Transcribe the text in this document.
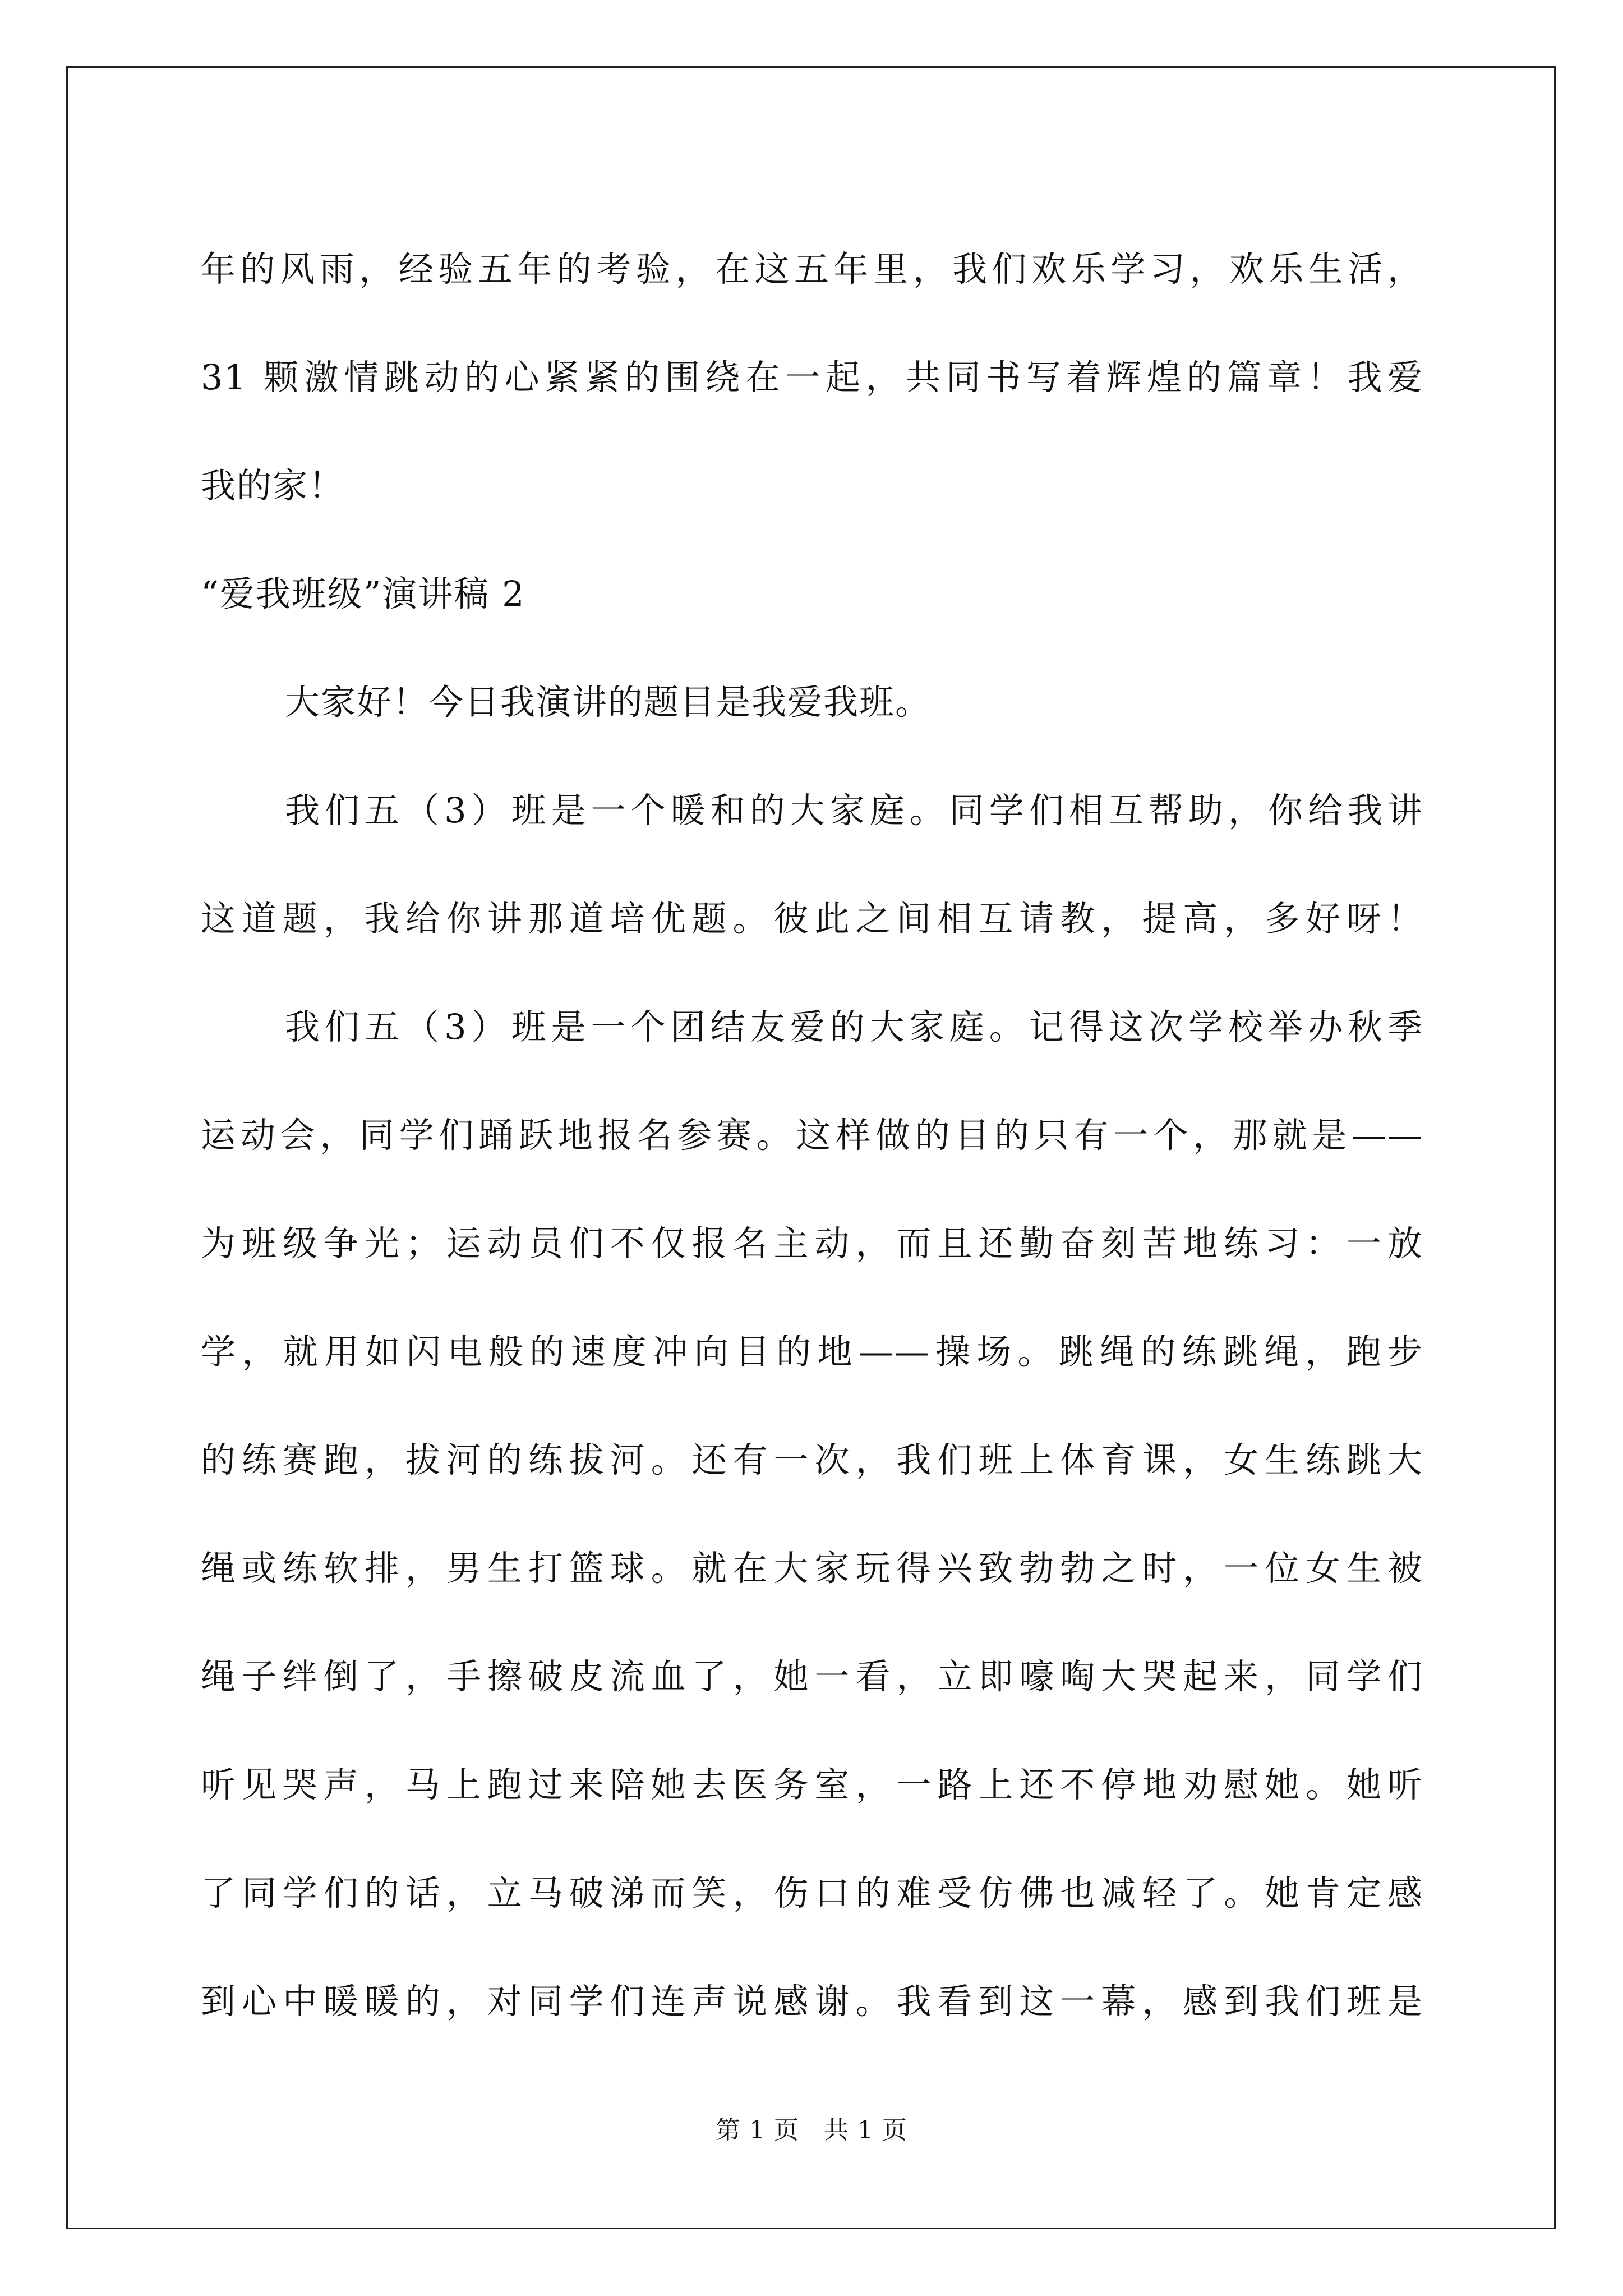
年的风雨，经验五年的考验，在这五年里，我们欢乐学习，欢乐生活，
31 颗激情跳动的心紧紧的围绕在一起，共同书写着辉煌的篇章！我爱
我的家！
“爱我班级”演讲稿 2
大家好！今日我演讲的题目是我爱我班。
我们五（3）班是一个暖和的大家庭。同学们相互帮助，你给我讲
这道题，我给你讲那道培优题。彼此之间相互请教，提高，多好呀！
我们五（3）班是一个团结友爱的大家庭。记得这次学校举办秋季
运动会，同学们踊跃地报名参赛。这样做的目的只有一个，那就是——
为班级争光；运动员们不仅报名主动，而且还勤奋刻苦地练习：一放
学，就用如闪电般的速度冲向目的地——操场。跳绳的练跳绳，跑步
的练赛跑，拔河的练拔河。还有一次，我们班上体育课，女生练跳大
绳或练软排，男生打篮球。就在大家玩得兴致勃勃之时，一位女生被
绳子绊倒了，手擦破皮流血了，她一看，立即嚎啕大哭起来，同学们
听见哭声，马上跑过来陪她去医务室，一路上还不停地劝慰她。她听
了同学们的话，立马破涕而笑，伤口的难受仿佛也减轻了。她肯定感
到心中暖暖的，对同学们连声说感谢。我看到这一幕，感到我们班是
第 1 页 共 1 页
